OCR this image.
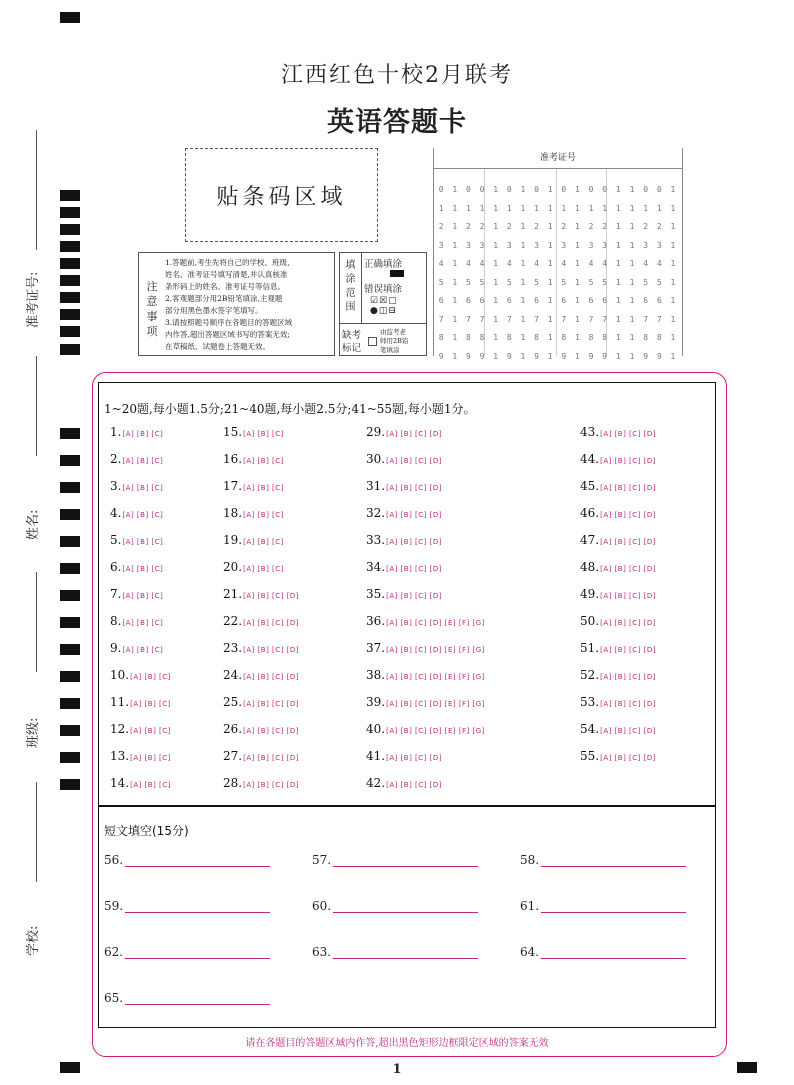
江西红色十校2月联考
英语答题卡
贴条码区域
准考证号
0 1 0 0 1 0 1 0 1 0 1 0 0 1 1 0 0 1
1 1 1 1 1 1 1 1 1 1 1 1 1 1 1 1 1 1
2 1 2 2 1 2 1 2 1 2 1 2 2 1 1 2 2 1
3 1 3 3 1 3 1 3 1 3 1 3 3 1 1 3 3 1
4 1 4 4 1 4 1 4 1 4 1 4 4 1 1 4 4 1
5 1 5 5 1 5 1 5 1 5 1 5 5 1 1 5 5 1
6 1 6 6 1 6 1 6 1 6 1 6 6 1 1 6 6 1
7 1 7 7 1 7 1 7 1 7 1 7 7 1 1 7 7 1
8 1 8 8 1 8 1 8 1 8 1 8 8 1 1 8 8 1
9 1 9 9 1 9 1 9 1 9 1 9 9 1 1 9 9 1
注
意
事
项
1.答题前,考生先将自己的学校、班级、
姓名、准考证号填写清楚,并认真核准
条形码上的姓名、准考证号等信息。
2.客观题部分用2B铅笔填涂,主观题
部分用黑色墨水签字笔填写。
3.请按照题号顺序在各题目的答题区域
内作答,超出答题区域书写的答案无效;
在草稿纸、试题卷上答题无效。
填
涂
范
围
正确填涂
错误填涂
☑☒▢
●◫⊟
缺考
标记
由监考老
师用2B铅
笔填涂
准考证号:
姓名:
班级:
学校:
1~20题,每小题1.5分;21~40题,每小题2.5分;41~55题,每小题1分。
1.[A] [B] [C]
2.[A] [B] [C]
3.[A] [B] [C]
4.[A] [B] [C]
5.[A] [B] [C]
6.[A] [B] [C]
7.[A] [B] [C]
8.[A] [B] [C]
9.[A] [B] [C]
10.[A] [B] [C]
11.[A] [B] [C]
12.[A] [B] [C]
13.[A] [B] [C]
14.[A] [B] [C]
15.[A] [B] [C]
16.[A] [B] [C]
17.[A] [B] [C]
18.[A] [B] [C]
19.[A] [B] [C]
20.[A] [B] [C]
21.[A] [B] [C] [D]
22.[A] [B] [C] [D]
23.[A] [B] [C] [D]
24.[A] [B] [C] [D]
25.[A] [B] [C] [D]
26.[A] [B] [C] [D]
27.[A] [B] [C] [D]
28.[A] [B] [C] [D]
29.[A] [B] [C] [D]
30.[A] [B] [C] [D]
31.[A] [B] [C] [D]
32.[A] [B] [C] [D]
33.[A] [B] [C] [D]
34.[A] [B] [C] [D]
35.[A] [B] [C] [D]
36.[A] [B] [C] [D] [E] [F] [G]
37.[A] [B] [C] [D] [E] [F] [G]
38.[A] [B] [C] [D] [E] [F] [G]
39.[A] [B] [C] [D] [E] [F] [G]
40.[A] [B] [C] [D] [E] [F] [G]
41.[A] [B] [C] [D]
42.[A] [B] [C] [D]
43.[A] [B] [C] [D]
44.[A] [B] [C] [D]
45.[A] [B] [C] [D]
46.[A] [B] [C] [D]
47.[A] [B] [C] [D]
48.[A] [B] [C] [D]
49.[A] [B] [C] [D]
50.[A] [B] [C] [D]
51.[A] [B] [C] [D]
52.[A] [B] [C] [D]
53.[A] [B] [C] [D]
54.[A] [B] [C] [D]
55.[A] [B] [C] [D]
短文填空(15分)
56.	57.	58.
59.	60.	61.
62.	63.	64.
65.
请在各题目的答题区域内作答,超出黑色矩形边框限定区域的答案无效
1
